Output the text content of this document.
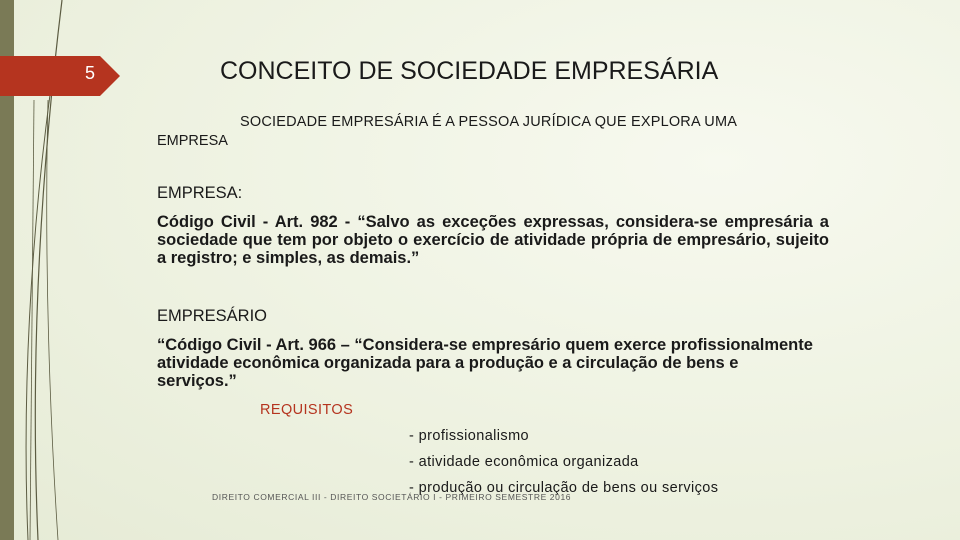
5	CONCEITO DE SOCIEDADE EMPRESÁRIA
SOCIEDADE EMPRESÁRIA É A PESSOA JURÍDICA QUE EXPLORA UMA
EMPRESA
EMPRESA:
Código Civil - Art. 982 - “Salvo as exceções expressas, considera-se empresária a sociedade que tem por objeto o exercício de atividade própria de empresário, sujeito a registro; e simples, as demais.”
EMPRESÁRIO
“Código Civil - Art. 966 – “Considera-se empresário quem exerce profissionalmente atividade econômica organizada para a produção e a circulação de bens e serviços.”
REQUISITOS
- profissionalismo
- atividade econômica organizada
- produção ou circulação de bens ou serviços
DIREITO COMERCIAL III - DIREITO SOCIETÁRIO I - PRIMEIRO SEMESTRE 2016
